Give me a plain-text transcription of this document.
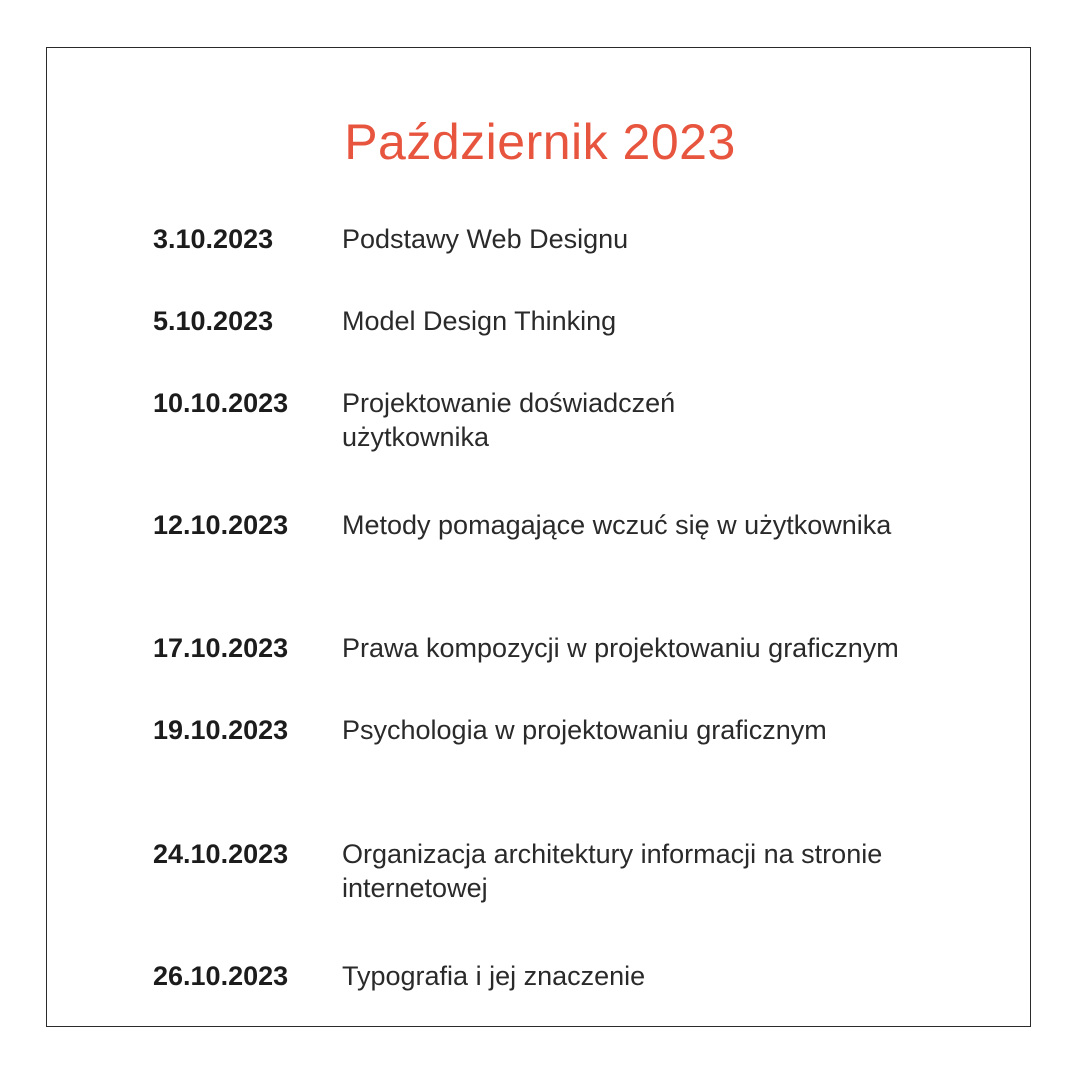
Październik 2023
3.10.2023	Podstawy Web Designu
5.10.2023	Model Design Thinking
10.10.2023 Projektowanie doświadczeń
użytkownika
12.10.2023 Metody pomagające wczuć się w użytkownika
17.10.2023 Prawa kompozycji w projektowaniu graficznym
19.10.2023 Psychologia w projektowaniu graficznym
24.10.2023 Organizacja architektury informacji na stronie
internetowej
26.10.2023 Typografia i jej znaczenie
